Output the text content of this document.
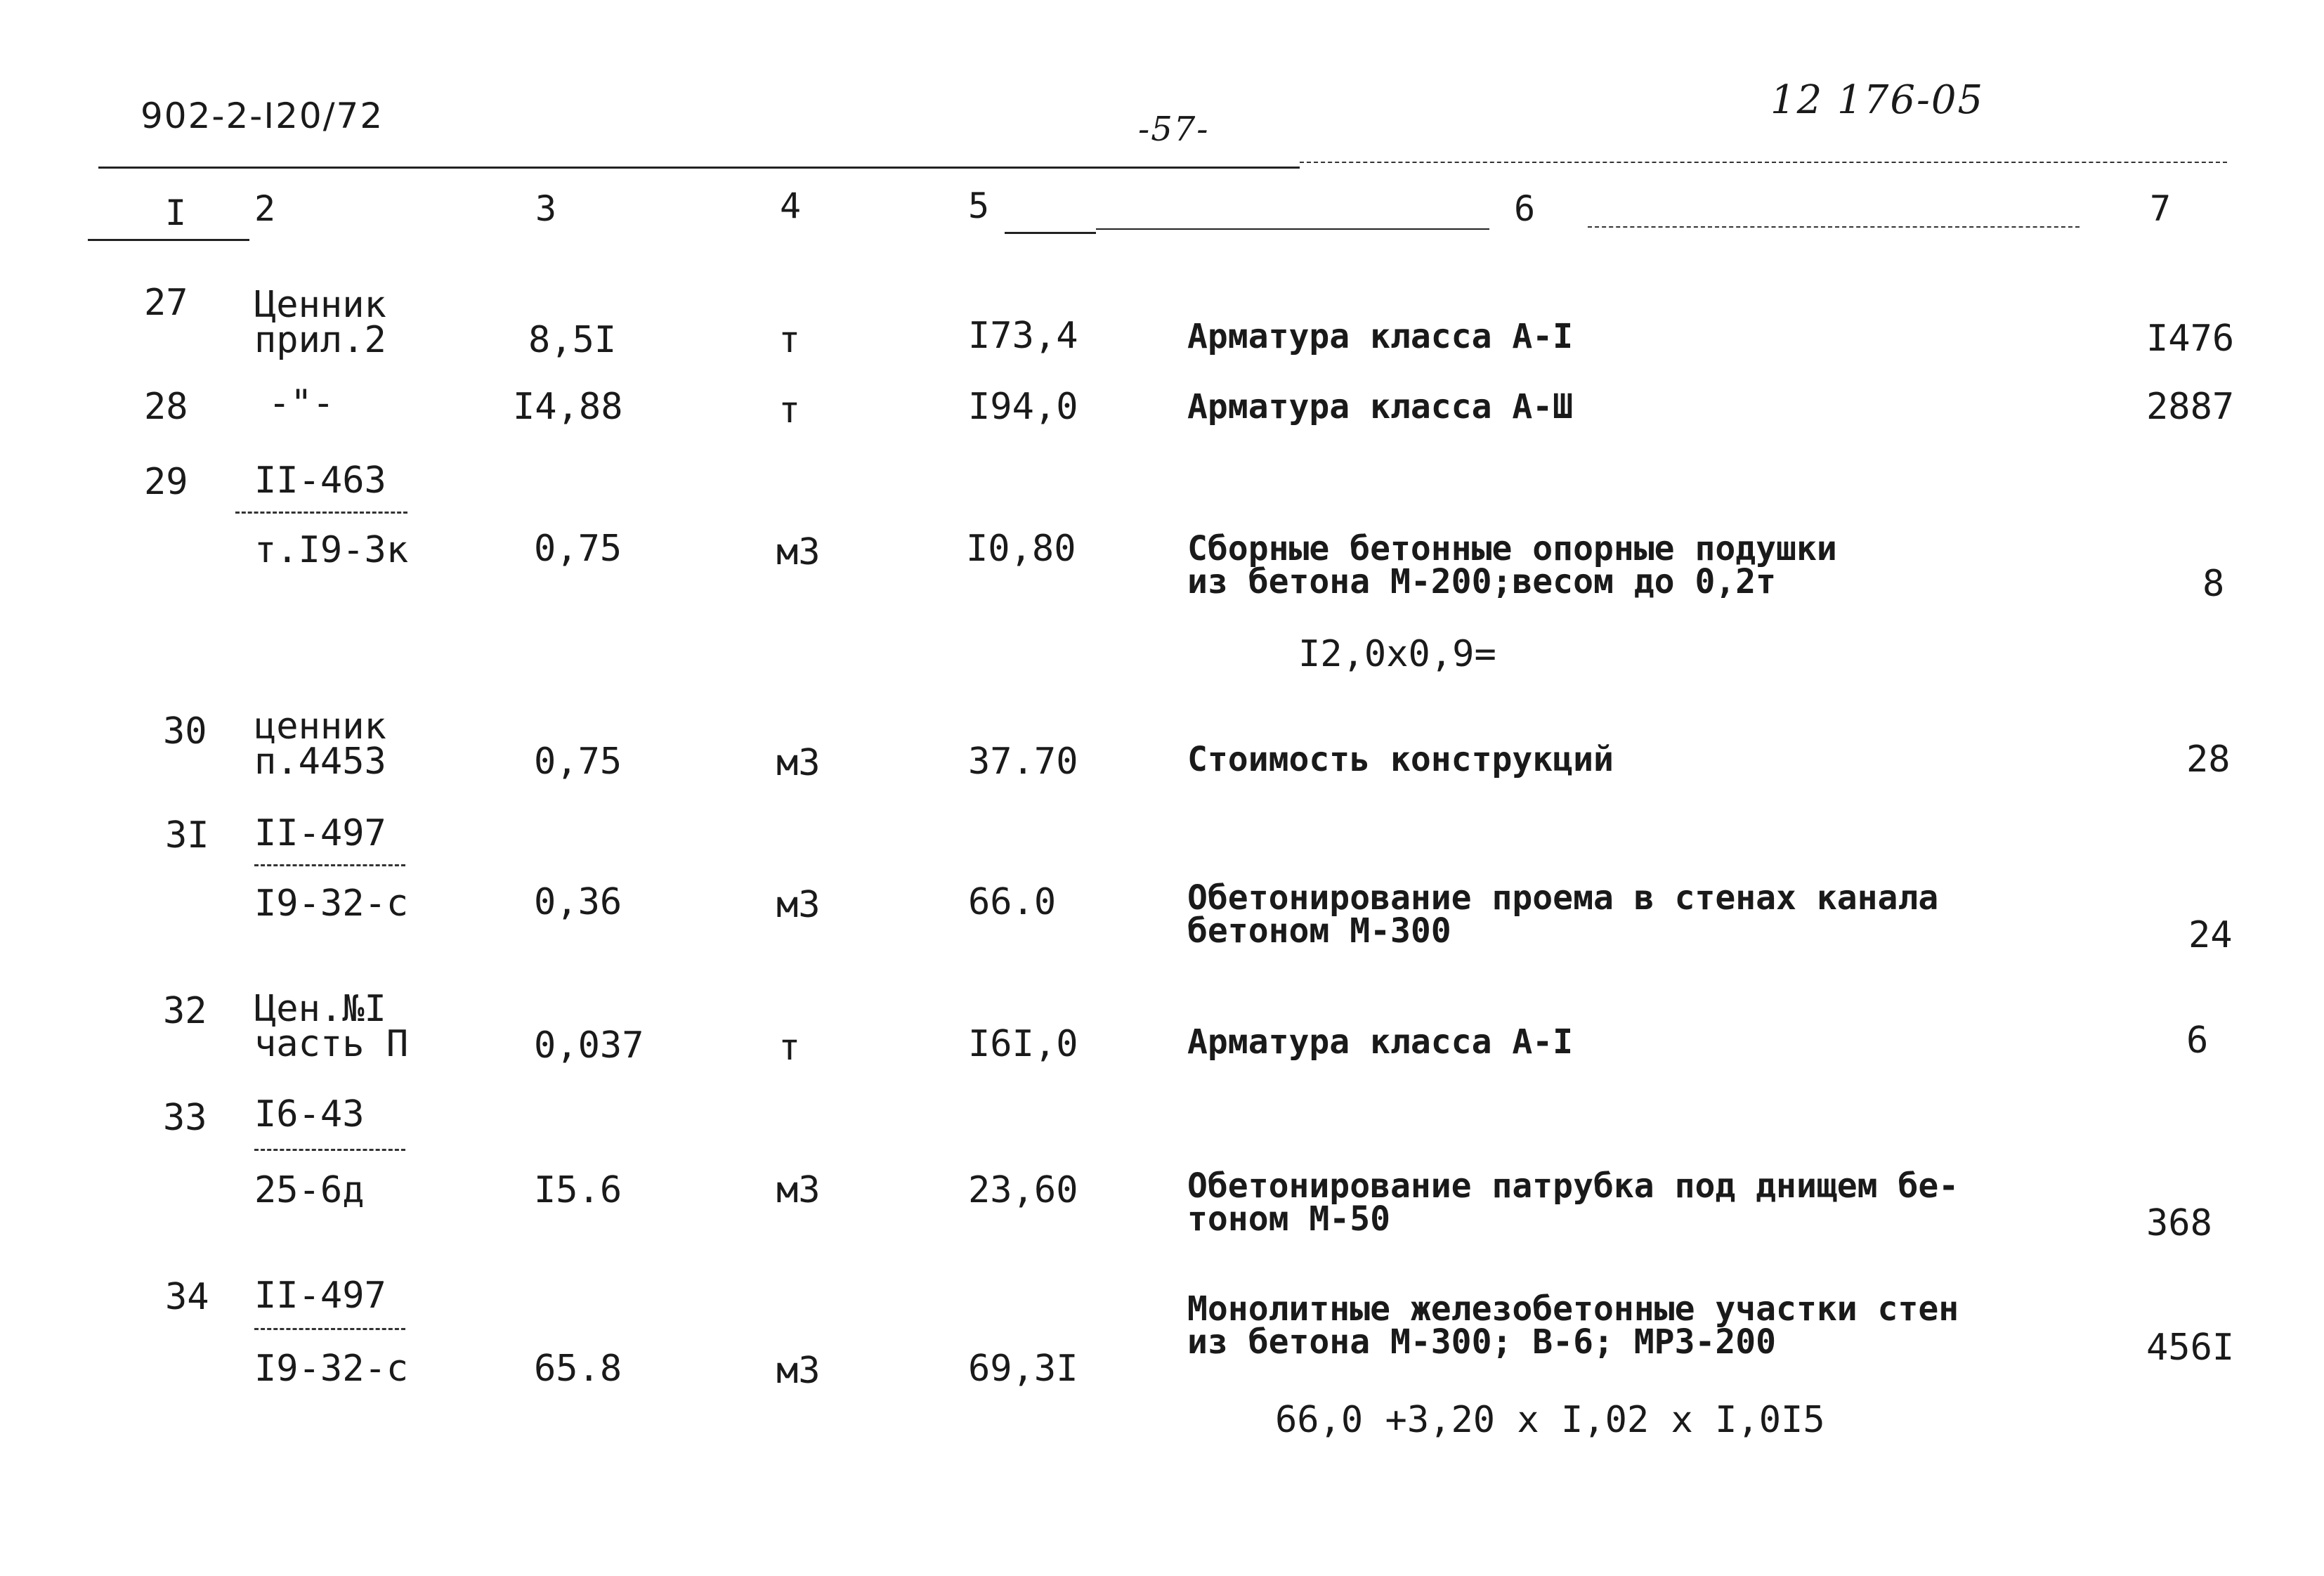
902-2-I20/72	-57-
12 176-05
I 2	3	4	5	6	7
27 Ценник
прил.2	8,5I	т	I73,4	Арматура класса А-I	I476
28 -"-	I4,88	т	I94,0	Арматура класса А-Ш	2887
29 II-463
т.I9-3к	0,75	м3	I0,80	Сборные бетонные опорные подушки
из бетона М-200;весом до 0,2т	8
I2,0x0,9=
30 ценник
п.4453	0,75	м3	37.70	Стоимость конструкций	28
3I II-497
I9-32-с	0,36	м3	66.0	Обетонирование проема в стенах канала
бетоном М-300	24
32 Цен.№I
часть П	0,037	т	I6I,0	Арматура класса А-I	6
33 I6-43
25-6д	I5.6	м3	23,60	Обетонирование патрубка под днищем бе-
тоном М-50	368
34 II-497
I9-32-с	65.8	м3	69,3I
Монолитные железобетонные участки стен
из бетона М-300; В-6; МРЗ-200	456I
66,0 +3,20 x I,02 x I,0I5
